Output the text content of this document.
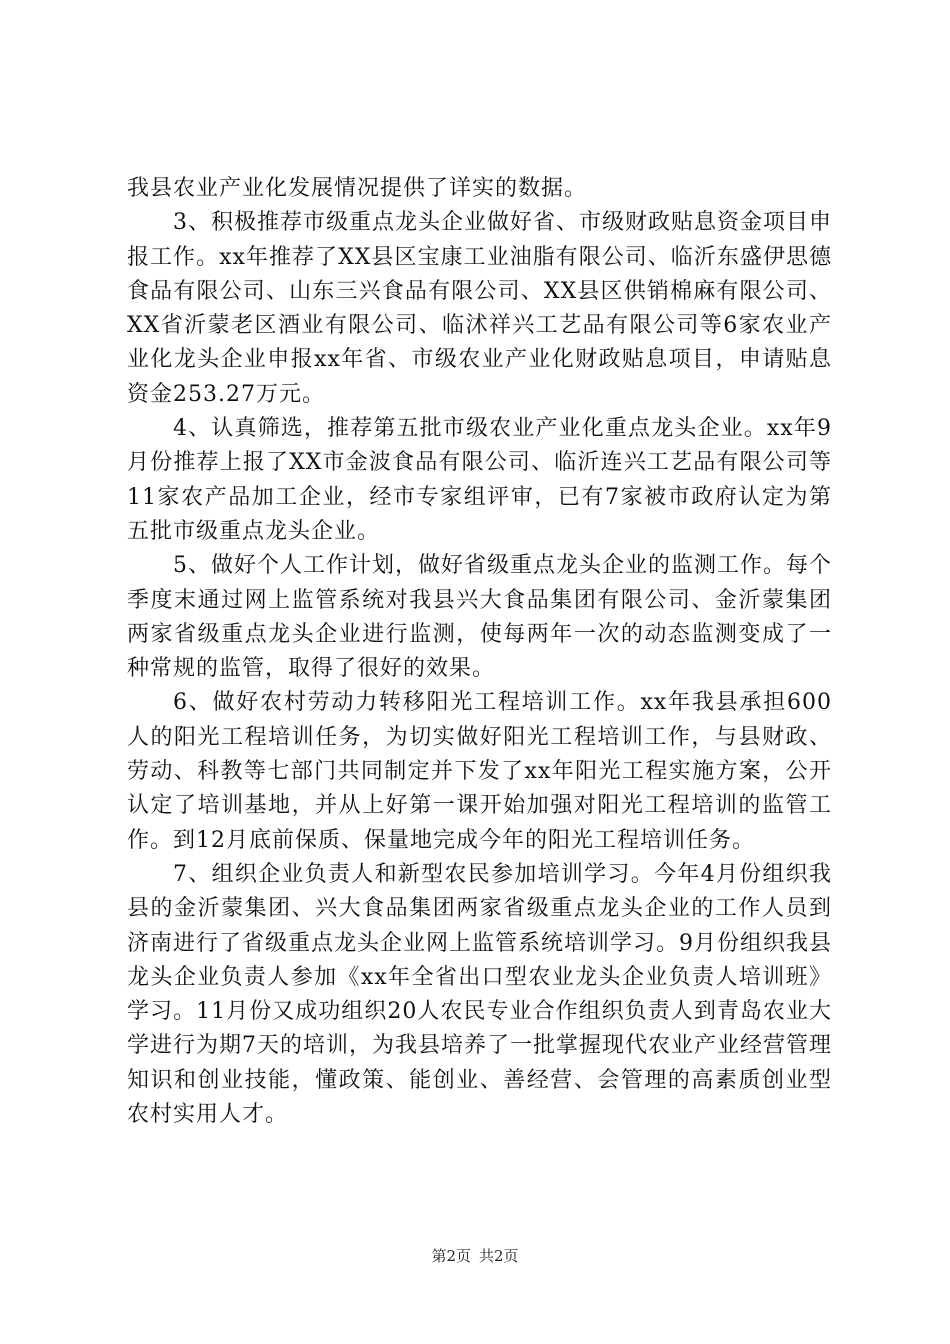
我县农业产业化发展情况提供了详实的数据。

3、积极推荐市级重点龙头企业做好省、市级财政贴息资金项目申报工作。xx年推荐了XX县区宝康工业油脂有限公司、临沂东盛伊思德食品有限公司、山东三兴食品有限公司、XX县区供销棉麻有限公司、XX省沂蒙老区酒业有限公司、临沭祥兴工艺品有限公司等6家农业产业化龙头企业申报xx年省、市级农业产业化财政贴息项目，申请贴息资金253.27万元。

4、认真筛选，推荐第五批市级农业产业化重点龙头企业。xx年9月份推荐上报了XX市金波食品有限公司、临沂连兴工艺品有限公司等11家农产品加工企业，经市专家组评审，已有7家被市政府认定为第五批市级重点龙头企业。

5、做好个人工作计划，做好省级重点龙头企业的监测工作。每个季度末通过网上监管系统对我县兴大食品集团有限公司、金沂蒙集团两家省级重点龙头企业进行监测，使每两年一次的动态监测变成了一种常规的监管，取得了很好的效果。

6、做好农村劳动力转移阳光工程培训工作。xx年我县承担600人的阳光工程培训任务，为切实做好阳光工程培训工作，与县财政、劳动、科教等七部门共同制定并下发了xx年阳光工程实施方案，公开认定了培训基地，并从上好第一课开始加强对阳光工程培训的监管工作。到12月底前保质、保量地完成今年的阳光工程培训任务。

7、组织企业负责人和新型农民参加培训学习。今年4月份组织我县的金沂蒙集团、兴大食品集团两家省级重点龙头企业的工作人员到济南进行了省级重点龙头企业网上监管系统培训学习。9月份组织我县龙头企业负责人参加《xx年全省出口型农业龙头企业负责人培训班》学习。11月份又成功组织20人农民专业合作组织负责人到青岛农业大学进行为期7天的培训，为我县培养了一批掌握现代农业产业经营管理知识和创业技能，懂政策、能创业、善经营、会管理的高素质创业型农村实用人才。

第2页 共2页
